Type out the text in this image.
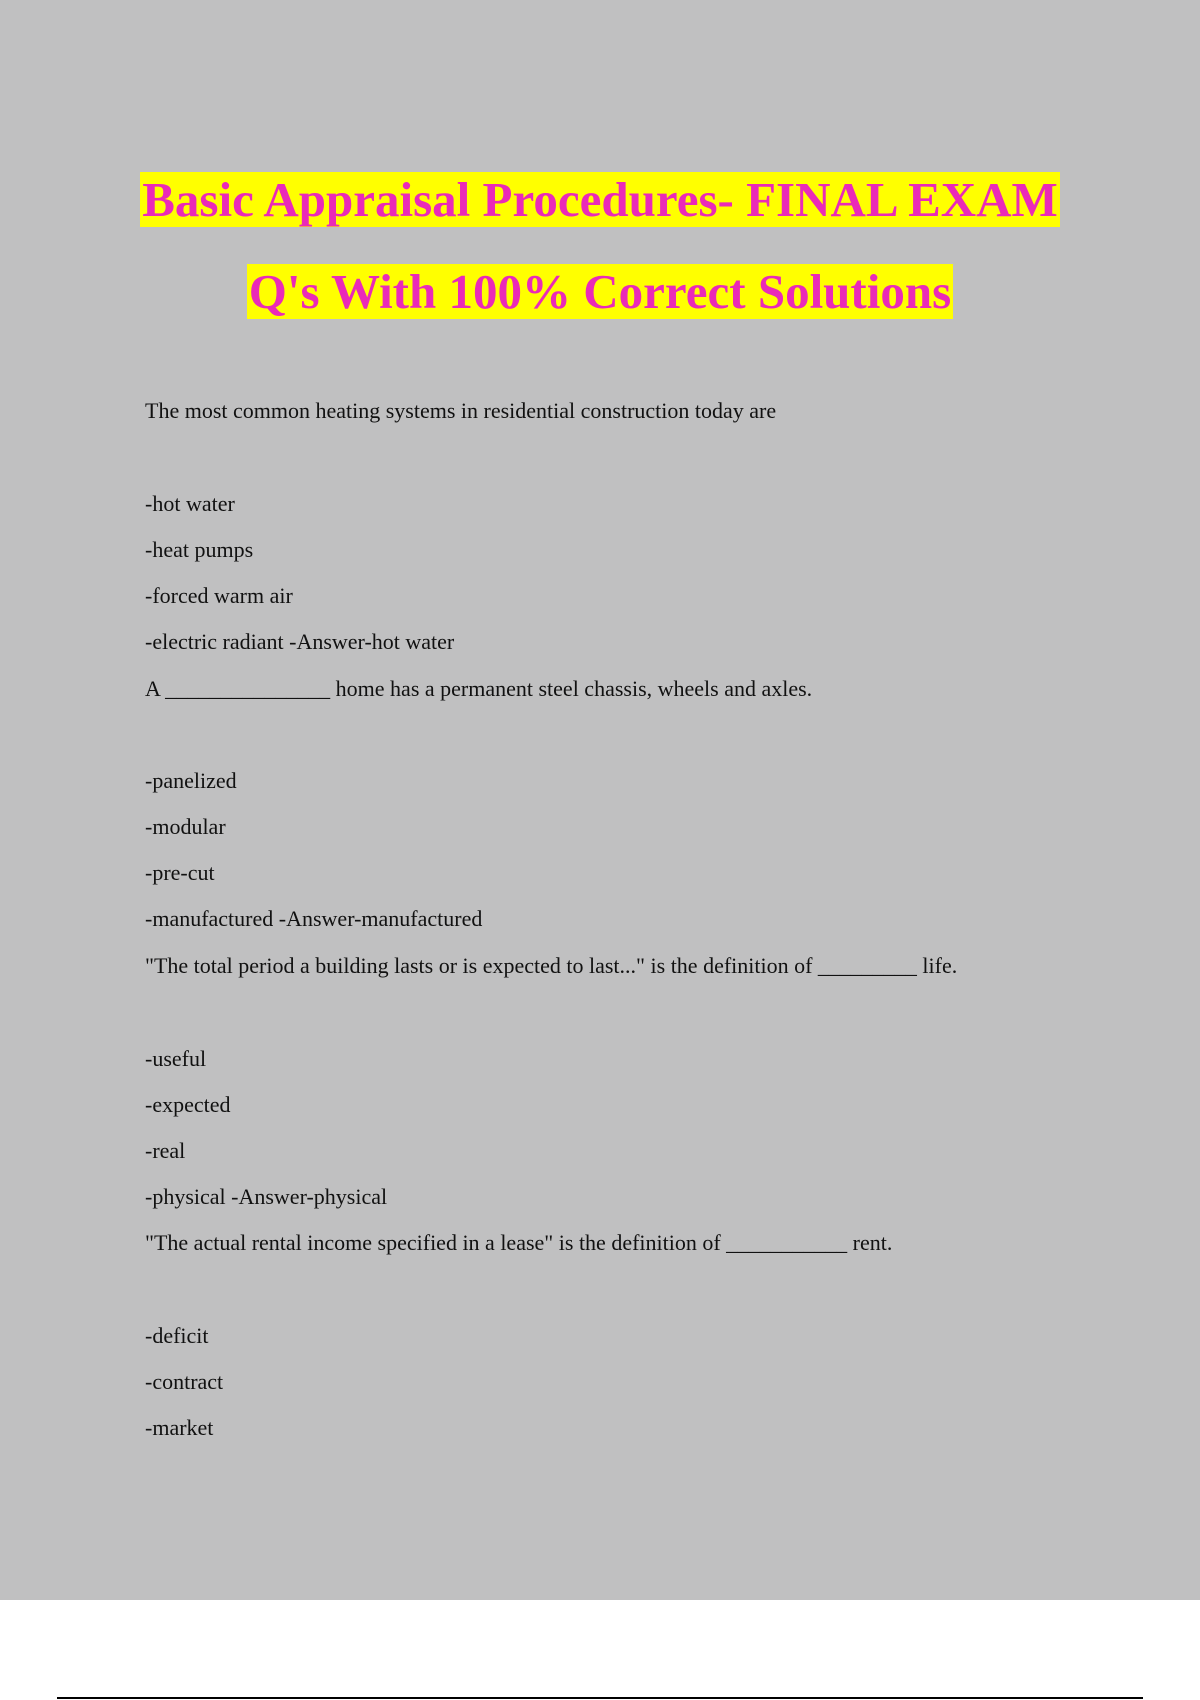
Basic Appraisal Procedures- FINAL EXAM
Q's With 100% Correct Solutions
The most common heating systems in residential construction today are
-hot water
-heat pumps
-forced warm air
-electric radiant -Answer-hot water
A _______________ home has a permanent steel chassis, wheels and axles.
-panelized
-modular
-pre-cut
-manufactured -Answer-manufactured
"The total period a building lasts or is expected to last..." is the definition of _________ life.
-useful
-expected
-real
-physical -Answer-physical
"The actual rental income specified in a lease" is the definition of ___________ rent.
-deficit
-contract
-market
